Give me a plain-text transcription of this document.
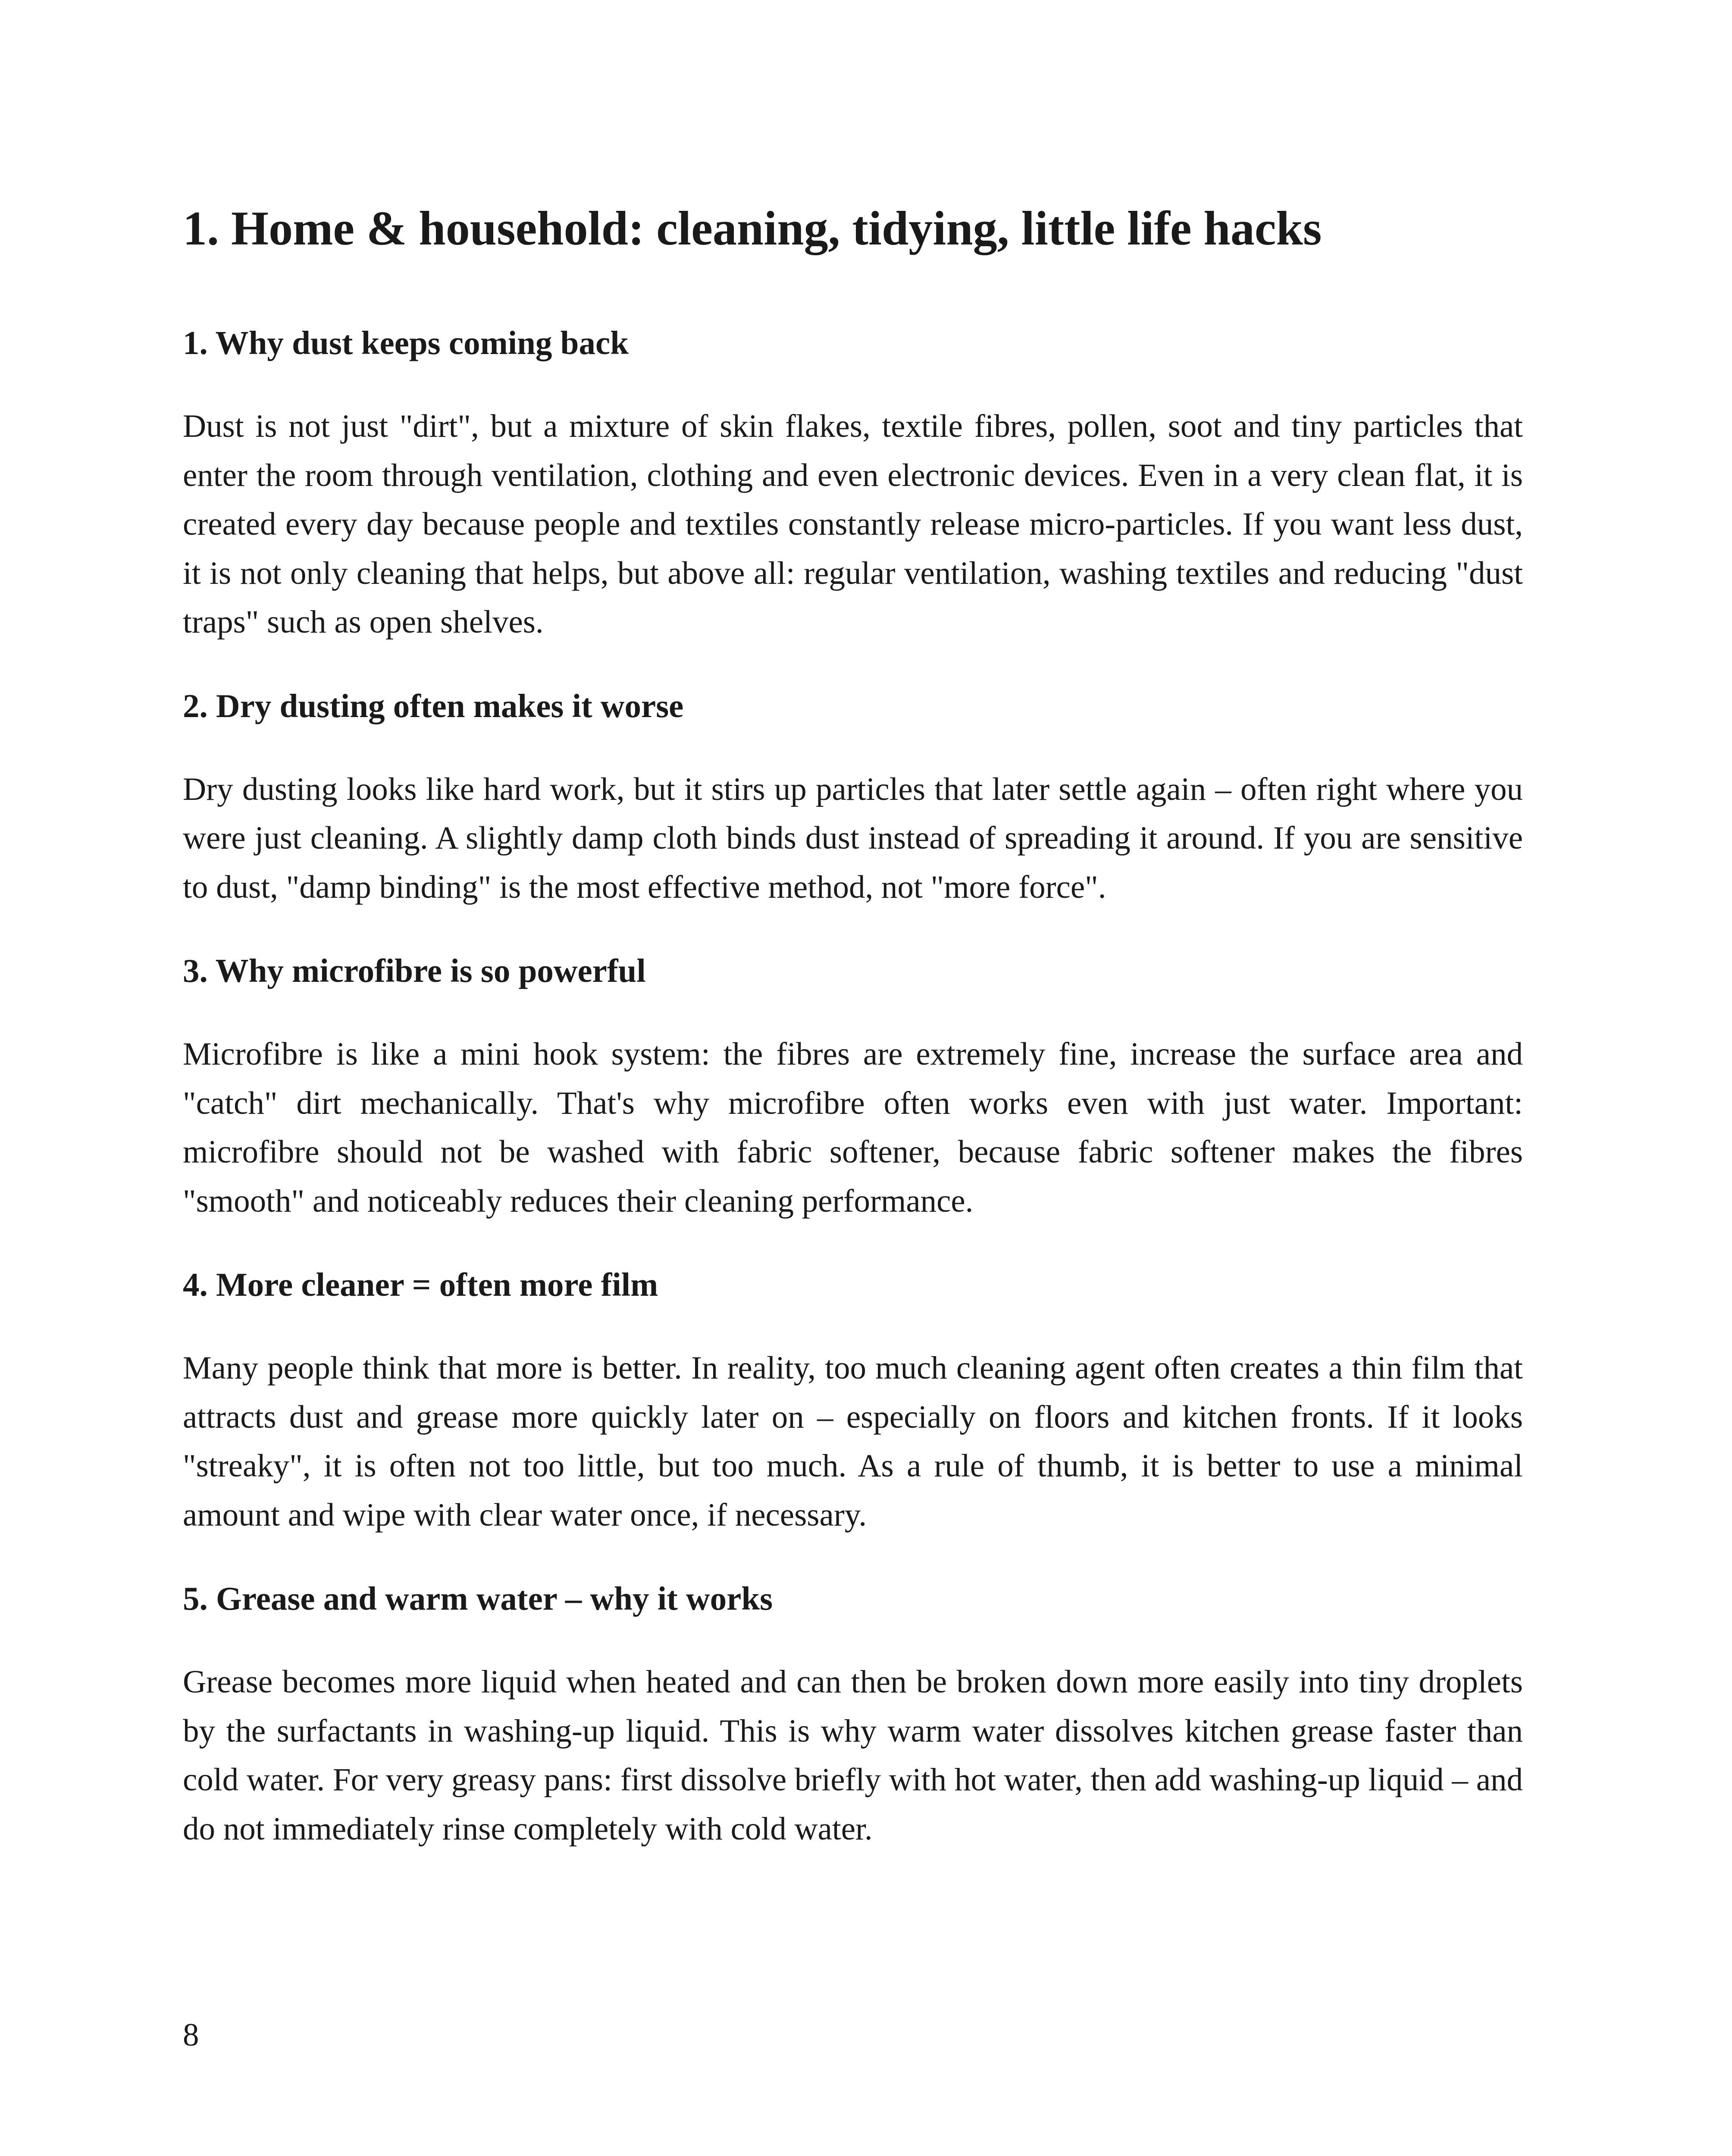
1. Home & household: cleaning, tidying, little life hacks
1. Why dust keeps coming back

Dust is not just "dirt", but a mixture of skin flakes, textile fibres, pollen, soot and tiny particles that enter the room through ventilation, clothing and even electronic devices. Even in a very clean flat, it is created every day because people and textiles constantly release micro-particles. If you want less dust, it is not only cleaning that helps, but above all: regular ventilation, washing textiles and reducing "dust traps" such as open shelves.

2. Dry dusting often makes it worse

Dry dusting looks like hard work, but it stirs up particles that later settle again – often right where you were just cleaning. A slightly damp cloth binds dust instead of spreading it around. If you are sensitive to dust, "damp binding" is the most effective method, not "more force".

3. Why microfibre is so powerful

Microfibre is like a mini hook system: the fibres are extremely fine, increase the surface area and "catch" dirt mechanically. That's why microfibre often works even with just water. Important: microfibre should not be washed with fabric softener, because fabric softener makes the fibres "smooth" and noticeably reduces their cleaning performance.

4. More cleaner = often more film

Many people think that more is better. In reality, too much cleaning agent often creates a thin film that attracts dust and grease more quickly later on – especially on floors and kitchen fronts. If it looks "streaky", it is often not too little, but too much. As a rule of thumb, it is better to use a minimal amount and wipe with clear water once, if necessary.

5. Grease and warm water – why it works

Grease becomes more liquid when heated and can then be broken down more easily into tiny droplets by the surfactants in washing-up liquid. This is why warm water dissolves kitchen grease faster than cold water. For very greasy pans: first dissolve briefly with hot water, then add washing-up liquid – and do not immediately rinse completely with cold water.

8
